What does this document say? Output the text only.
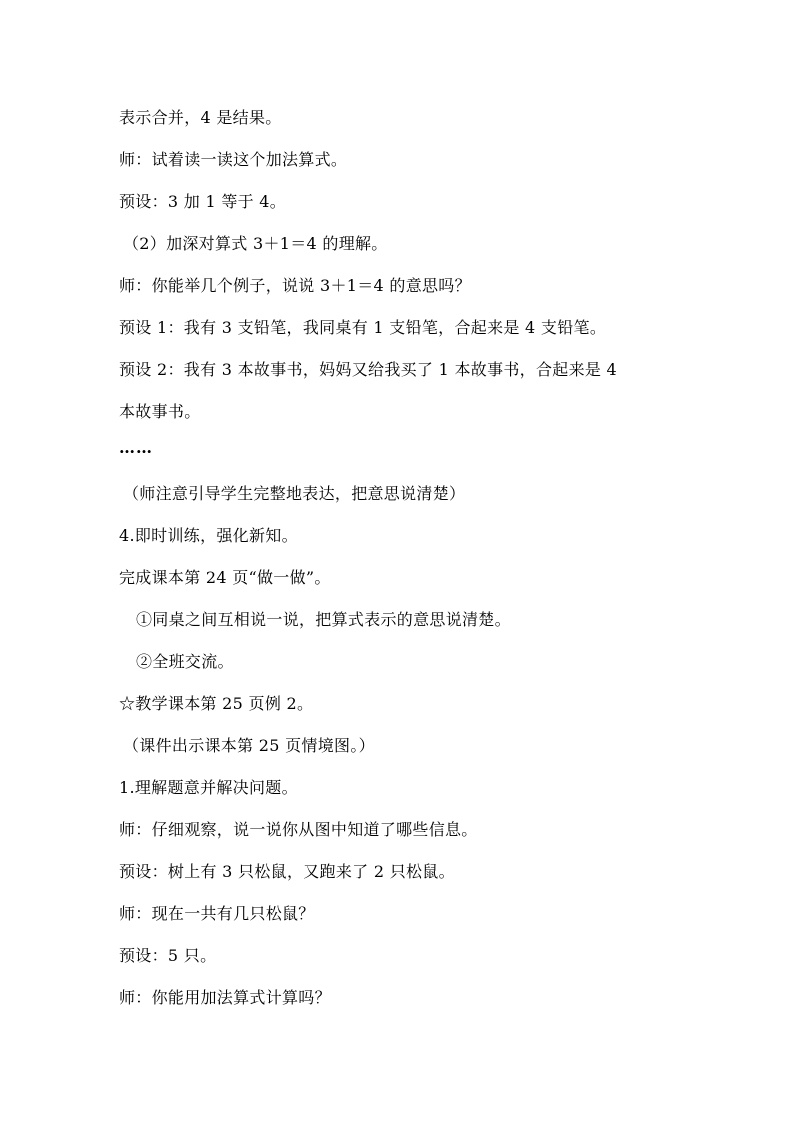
表示合并，4 是结果。
师：试着读一读这个加法算式。
预设：3 加 1 等于 4。
（2）加深对算式 3＋1＝4 的理解。
师：你能举几个例子，说说 3＋1＝4 的意思吗？
预设 1：我有 3 支铅笔，我同桌有 1 支铅笔，合起来是 4 支铅笔。
预设 2：我有 3 本故事书，妈妈又给我买了 1 本故事书，合起来是 4
本故事书。
……
（师注意引导学生完整地表达，把意思说清楚）
4.即时训练，强化新知。
完成课本第 24 页“做一做”。
①同桌之间互相说一说，把算式表示的意思说清楚。
②全班交流。
☆教学课本第 25 页例 2。
（课件出示课本第 25 页情境图。）
1.理解题意并解决问题。
师：仔细观察，说一说你从图中知道了哪些信息。
预设：树上有 3 只松鼠，又跑来了 2 只松鼠。
师：现在一共有几只松鼠？
预设：5 只。
师：你能用加法算式计算吗？
